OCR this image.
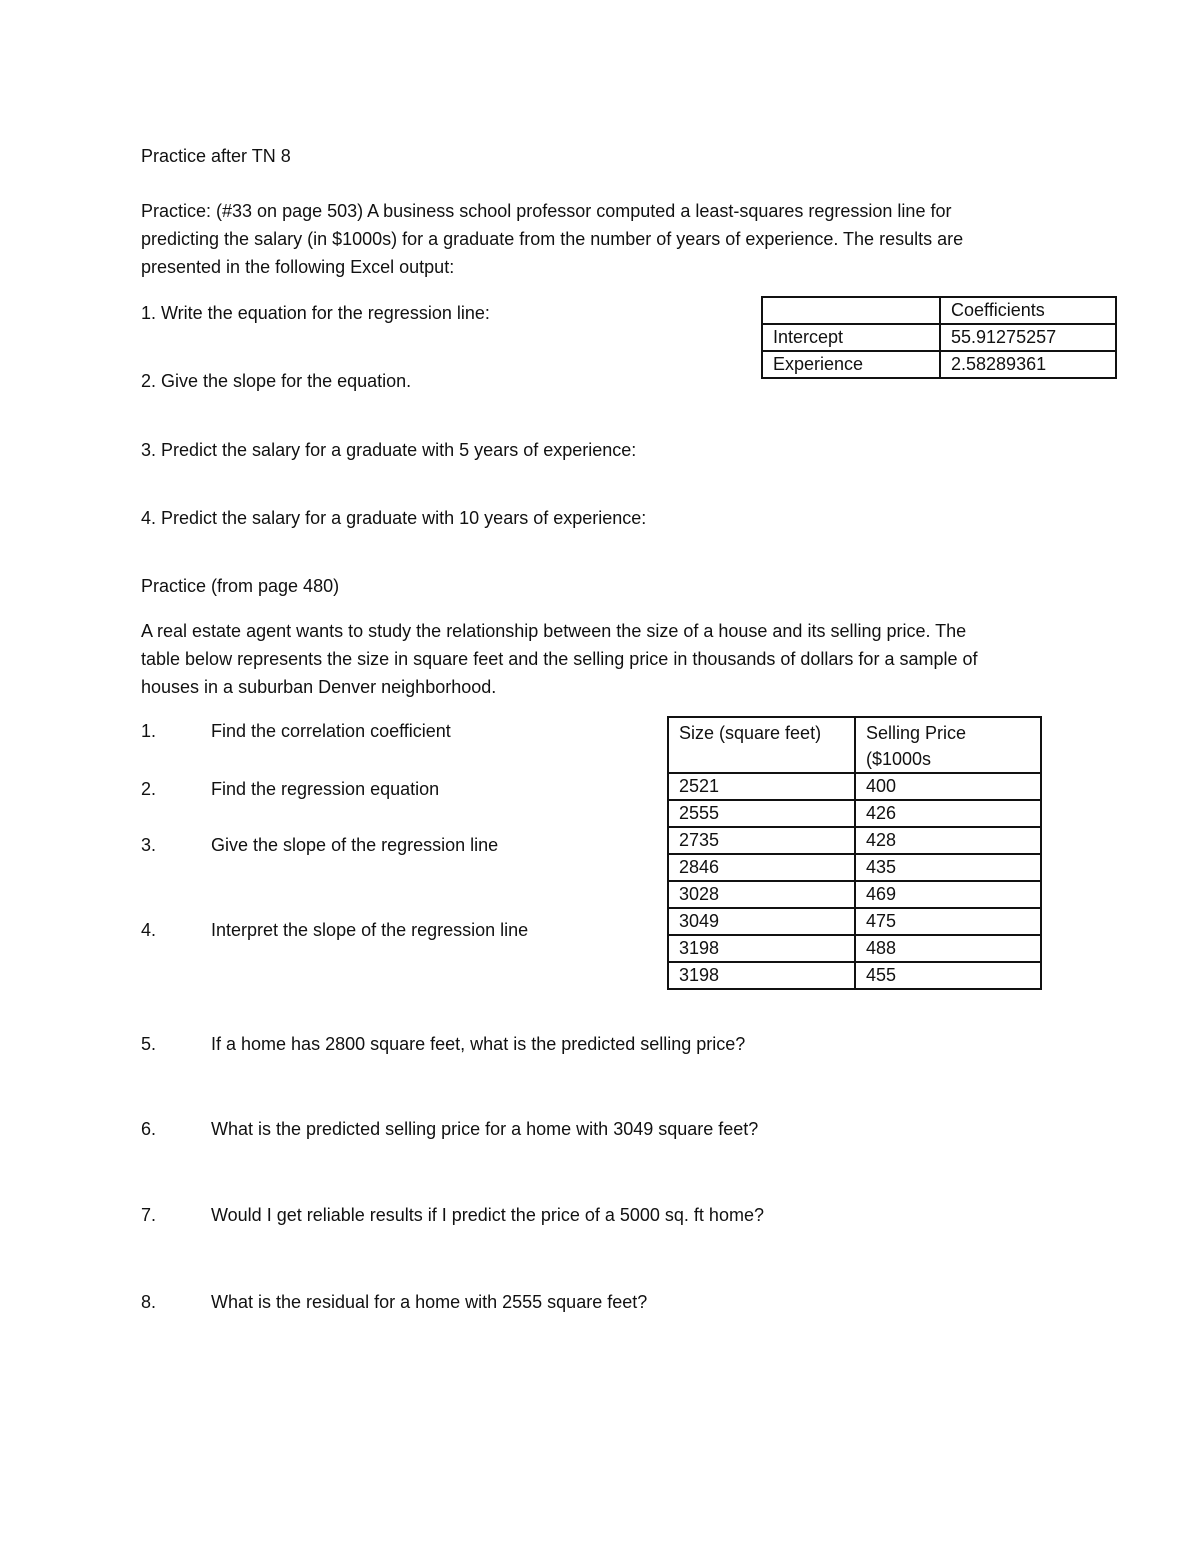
Practice after TN 8
Practice: (#33 on page 503) A business school professor computed a least-squares regression line for
predicting the salary (in $1000s) for a graduate from the number of years of experience. The results are
presented in the following Excel output:
1. Write the equation for the regression line:
2. Give the slope for the equation.
3. Predict the salary for a graduate with 5 years of experience:
4. Predict the salary for a graduate with 10 years of experience:
	Coefficients
Intercept	55.91275257
Experience	2.58289361
Practice (from page 480)
A real estate agent wants to study the relationship between the size of a house and its selling price. The
table below represents the size in square feet and the selling price in thousands of dollars for a sample of
houses in a suburban Denver neighborhood.
1.	Find the correlation coefficient
2.	Find the regression equation
3.	Give the slope of the regression line
4.	Interpret the slope of the regression line
5.	If a home has 2800 square feet, what is the predicted selling price?
6.	What is the predicted selling price for a home with 3049 square feet?
7.	Would I get reliable results if I predict the price of a 5000 sq. ft home?
8.	What is the residual for a home with 2555 square feet?
Size (square feet)	Selling Price
($1000s
2521	400
2555	426
2735	428
2846	435
3028	469
3049	475
3198	488
3198	455
